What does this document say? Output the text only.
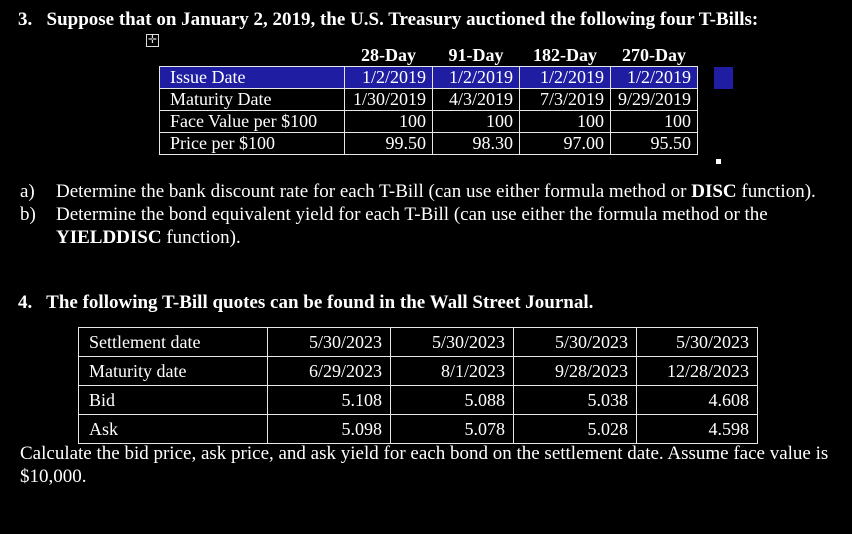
3. Suppose that on January 2, 2019, the U.S. Treasury auctioned the following four T-Bills:
✛
	28-Day	91-Day	182-Day	270-Day
Issue Date	1/2/2019	1/2/2019	1/2/2019	1/2/2019
Maturity Date	1/30/2019	4/3/2019	7/3/2019	9/29/2019
Face Value per $100	100	100	100	100
Price per $100	99.50	98.30	97.00	95.50
a) Determine the bank discount rate for each T-Bill (can use either formula method or DISC function).
b) Determine the bond equivalent yield for each T-Bill (can use either the formula method or the YIELDDISC function).
4. The following T-Bill quotes can be found in the Wall Street Journal.
Settlement date	5/30/2023	5/30/2023	5/30/2023	5/30/2023
Maturity date	6/29/2023	8/1/2023	9/28/2023	12/28/2023
Bid	5.108	5.088	5.038	4.608
Ask	5.098	5.078	5.028	4.598
Calculate the bid price, ask price, and ask yield for each bond on the settlement date. Assume face value is $10,000.
